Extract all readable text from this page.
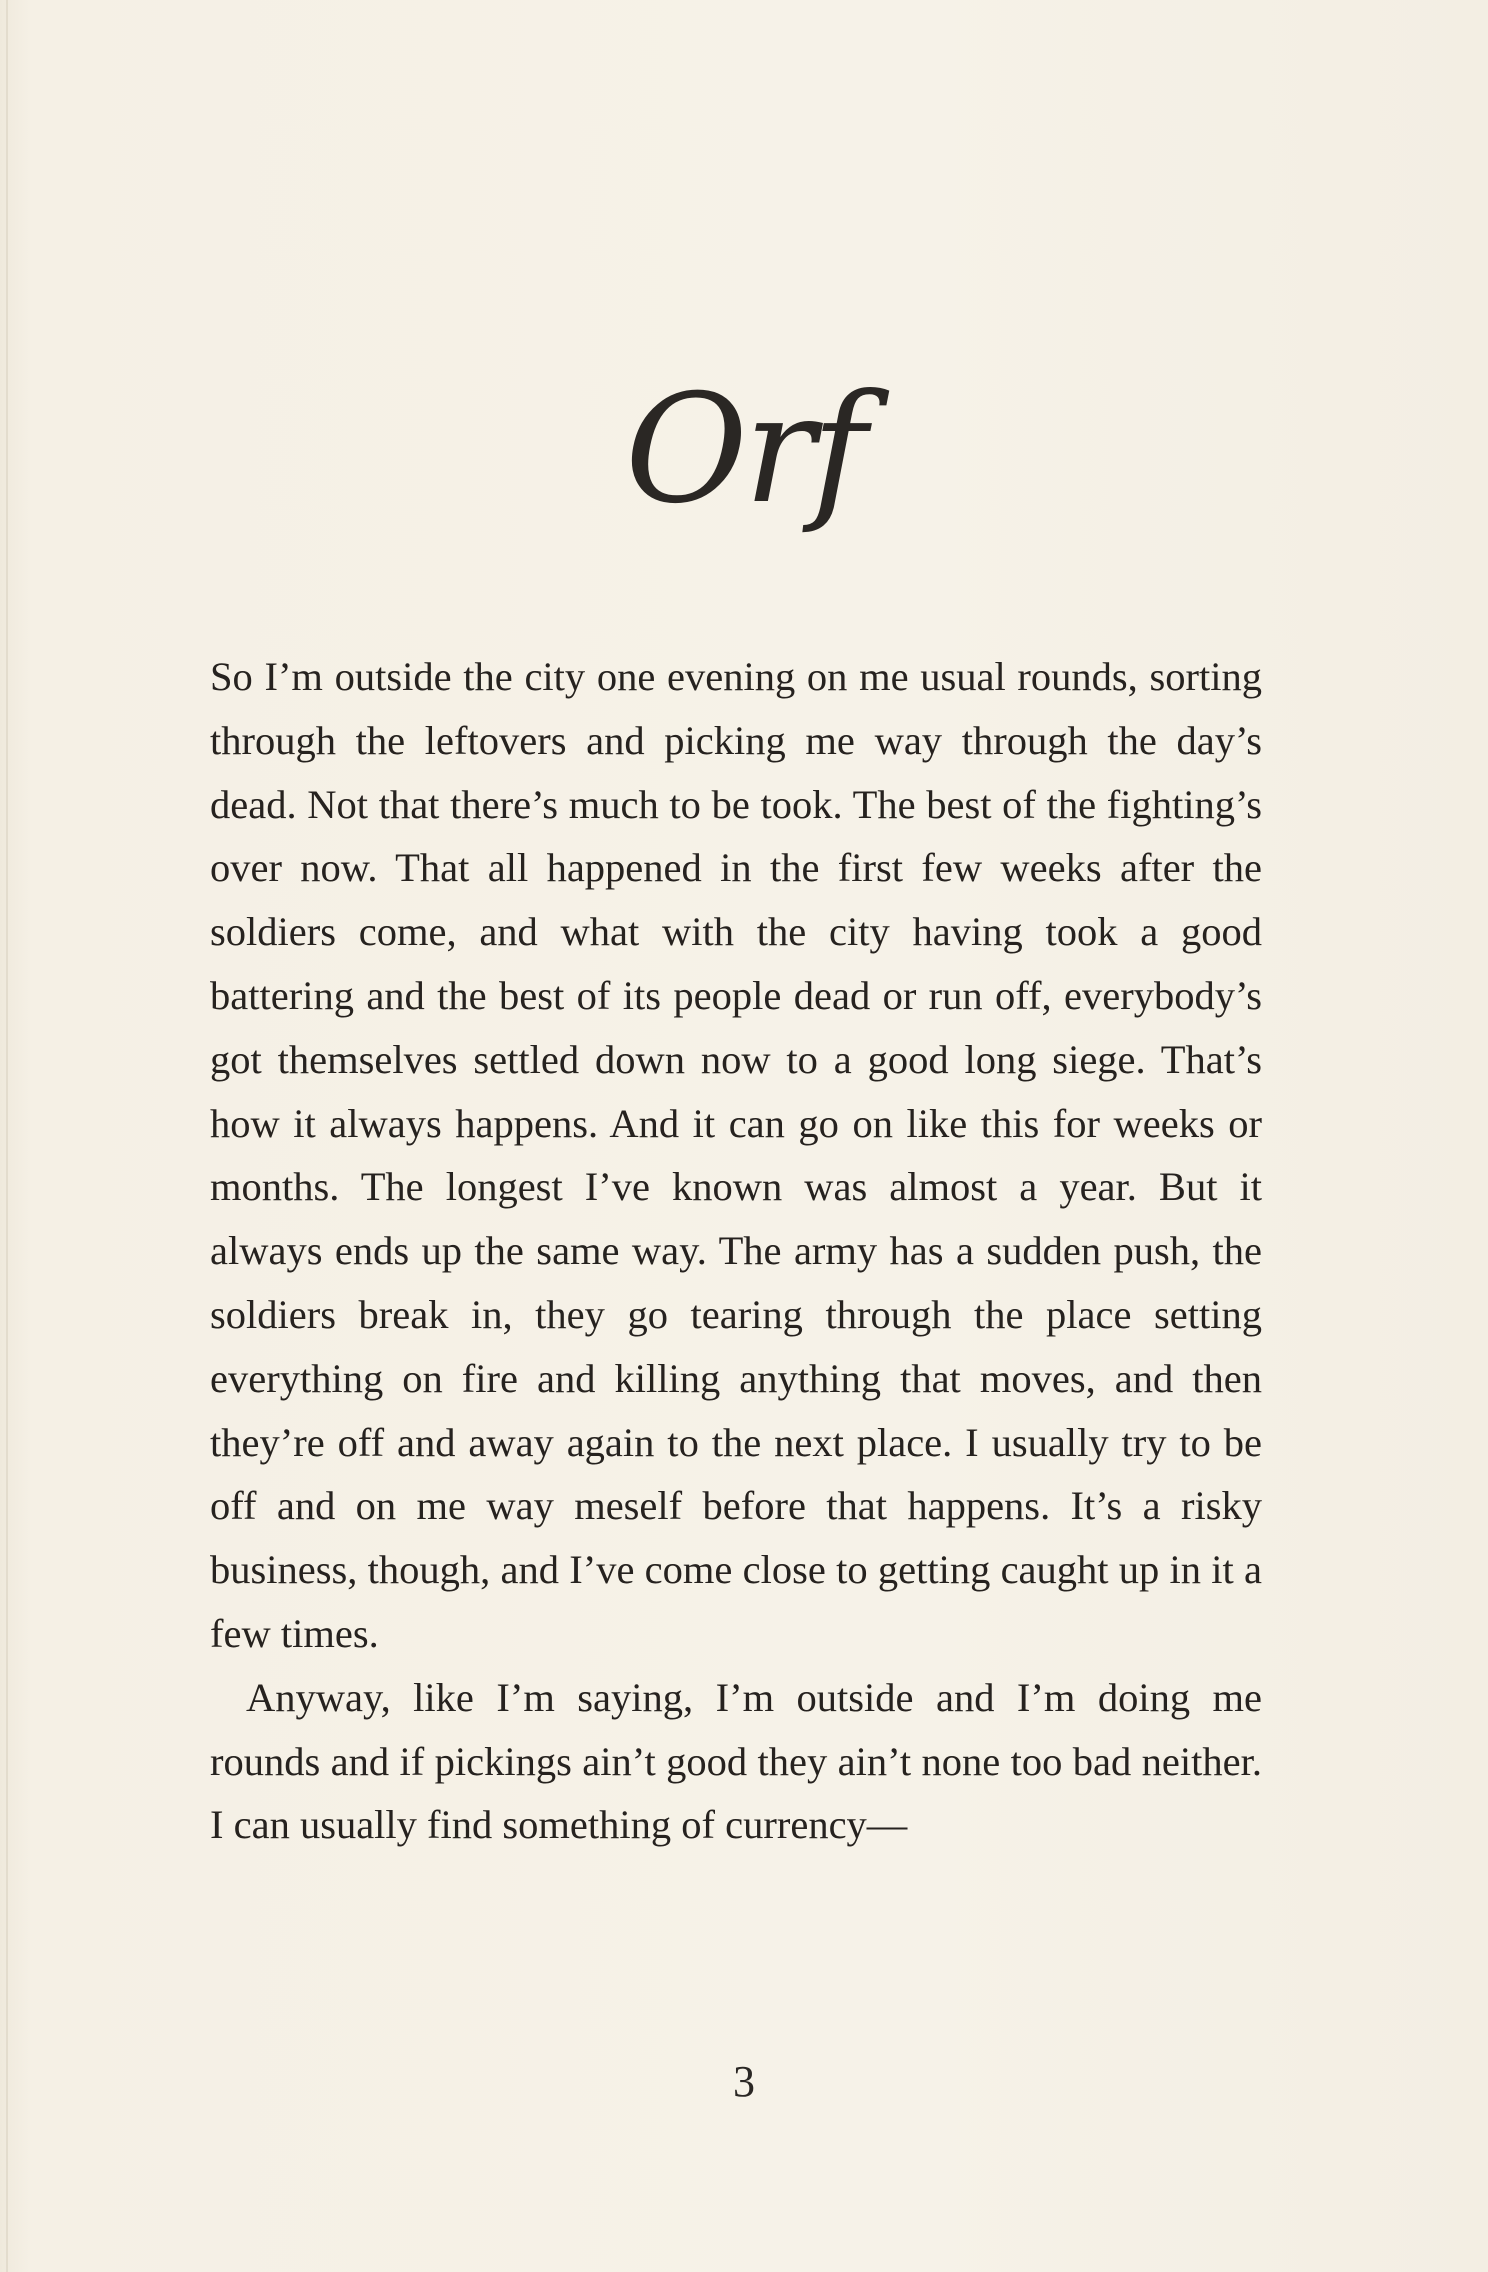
Orf

So I’m outside the city one evening on me usual rounds, sorting through the leftovers and picking me way through the day’s dead. Not that there’s much to be took. The best of the fighting’s over now. That all happened in the first few weeks after the soldiers come, and what with the city having took a good battering and the best of its people dead or run off, everybody’s got themselves settled down now to a good long siege. That’s how it always happens. And it can go on like this for weeks or months. The longest I’ve known was almost a year. But it always ends up the same way. The army has a sudden push, the soldiers break in, they go tearing through the place setting everything on fire and killing anything that moves, and then they’re off and away again to the next place. I usually try to be off and on me way meself before that happens. It’s a risky business, though, and I’ve come close to getting caught up in it a few times.

Anyway, like I’m saying, I’m outside and I’m doing me rounds and if pickings ain’t good they ain’t none too bad neither. I can usually find something of currency—

3
